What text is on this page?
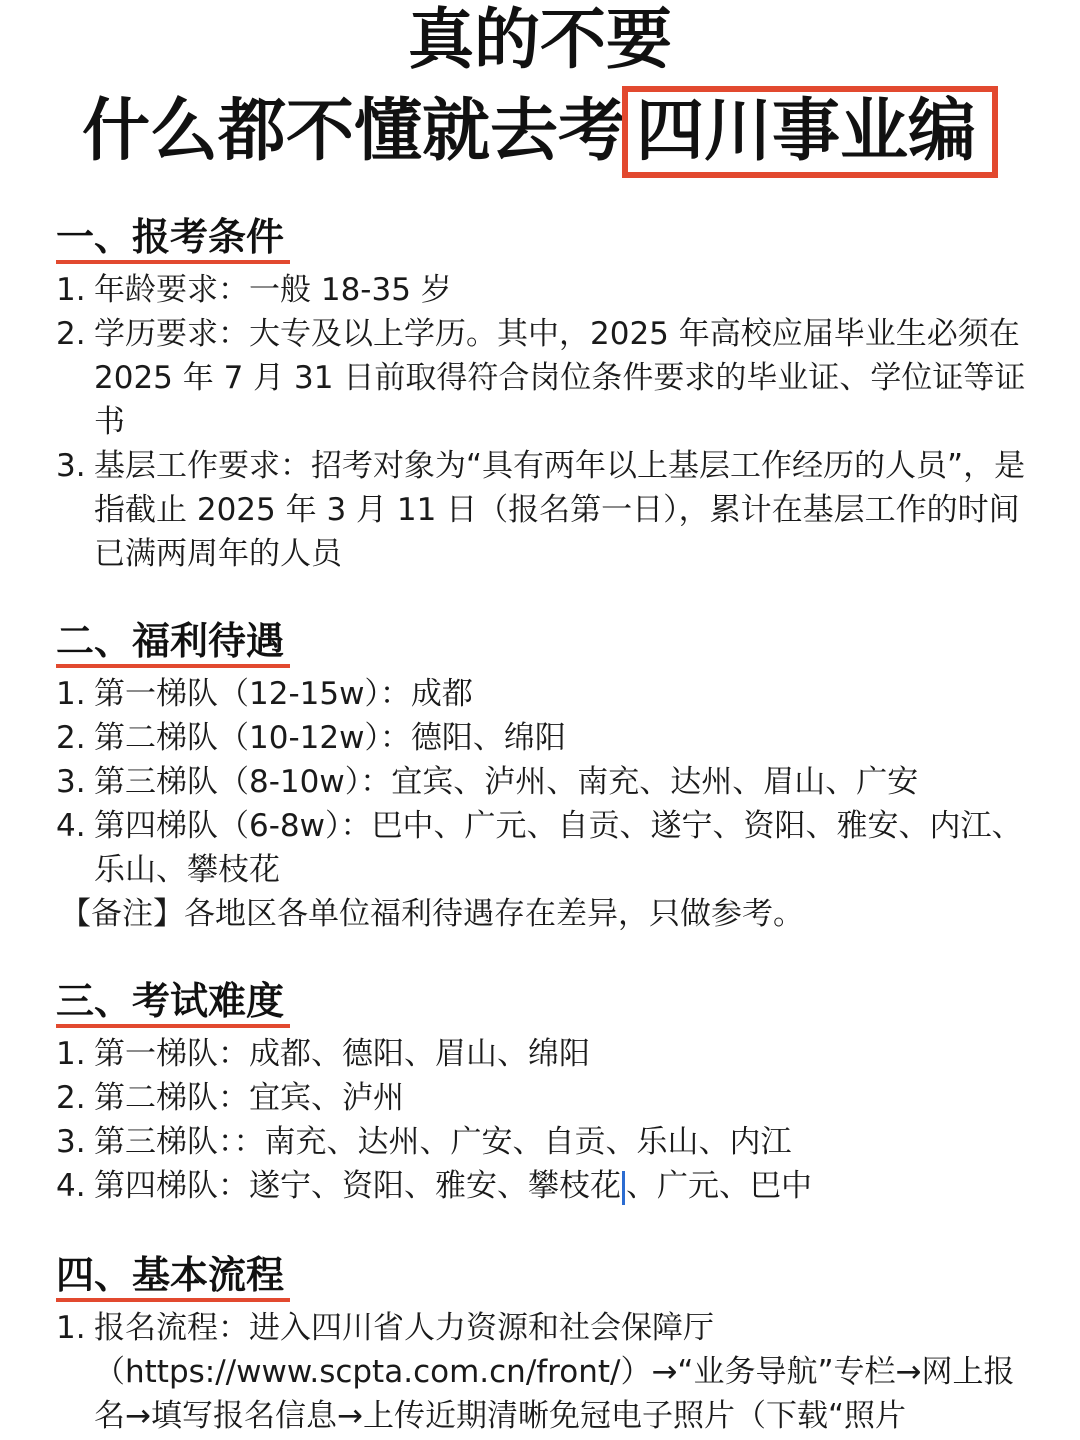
真的不要
什么都不懂就去考 四川事业编
一、报考条件
1. 年龄要求：一般 18-35 岁
2. 学历要求：大专及以上学历。其中，2025 年高校应届毕业生必须在 2025 年 7 月 31 日前取得符合岗位条件要求的毕业证、学位证等证书
3. 基层工作要求：招考对象为“具有两年以上基层工作经历的人员”，是指截止 2025 年 3 月 11 日（报名第一日），累计在基层工作的时间已满两周年的人员
二、福利待遇
1. 第一梯队（12-15w）：成都
2. 第二梯队（10-12w）：德阳、绵阳
3. 第三梯队（8-10w）：宜宾、泸州、南充、达州、眉山、广安
4. 第四梯队（6-8w）：巴中、广元、自贡、遂宁、资阳、雅安、内江、乐山、攀枝花
【备注】各地区各单位福利待遇存在差异，只做参考。
三、考试难度
1. 第一梯队：成都、德阳、眉山、绵阳
2. 第二梯队：宜宾、泸州
3. 第三梯队：：南充、达州、广安、自贡、乐山、内江
4. 第四梯队：遂宁、资阳、雅安、攀枝花 、广元、巴中
四、基本流程
1. 报名流程：进入四川省人力资源和社会保障厅（https://www.scpta.com.cn/front/）→“业务导航”专栏→网上报名→填写报名信息→上传近期清晰免冠电子照片（下载“照片
